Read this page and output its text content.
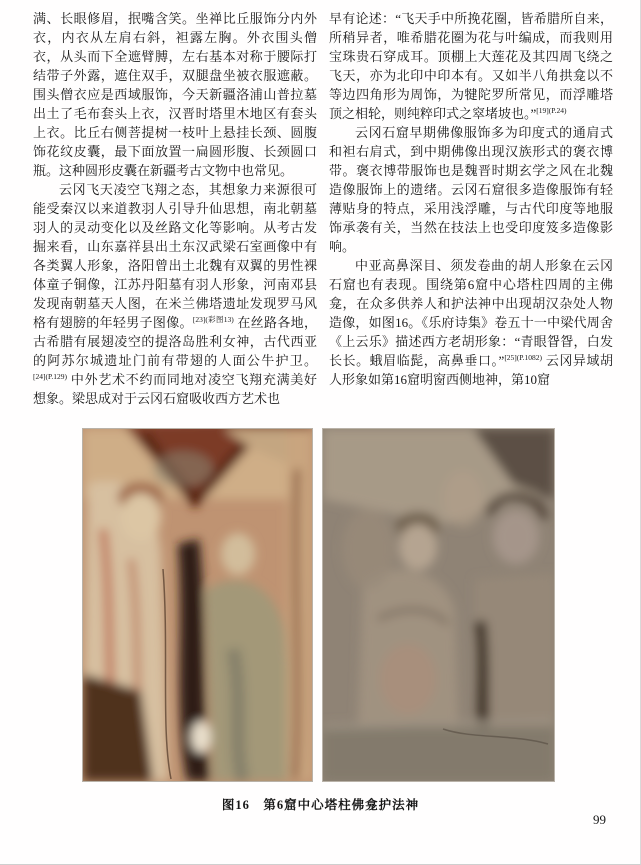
满、长眼修眉，抿嘴含笑。坐禅比丘服饰分内外衣，内衣从左肩右斜，袒露左胸。外衣围头僧衣，从头而下全遮臂膊，左右基本对称于腰际打结带子外露，遮住双手，双腿盘坐被衣服遮蔽。围头僧衣应是西域服饰，今天新疆洛浦山普拉墓出土了毛布套头上衣，汉晋时塔里木地区有套头上衣。比丘右侧菩提树一枝叶上悬挂长颈、圆腹饰花纹皮囊，最下面放置一扁圆形腹、长颈圆口瓶。这种圆形皮囊在新疆考古文物中也常见。

云冈飞天凌空飞翔之态，其想象力来源很可能受秦汉以来道教羽人引导升仙思想，南北朝墓羽人的灵动变化以及丝路文化等影响。从考古发掘来看，山东嘉祥县出土东汉武梁石室画像中有各类翼人形象，洛阳曾出土北魏有双翼的男性裸体童子铜像，江苏丹阳墓有羽人形象，河南邓县发现南朝墓天人图，在米兰佛塔遗址发现罗马风格有翅膀的年轻男子图像。$^{[23](彩图13)}$ 在丝路各地，古希腊有展翅凌空的提洛岛胜利女神，古代西亚的阿苏尔城遗址门前有带翅的人面公牛护卫。$^{[24](P.129)}$ 中外艺术不约而同地对凌空飞翔充满美好想象。梁思成对于云冈石窟吸收西方艺术也

早有论述：“飞天手中所挽花圈，皆希腊所自来，所稍异者，唯希腊花圈为花与叶编成，而我则用宝珠贵石穿成耳。顶棚上大莲花及其四周飞绕之飞天，亦为北印中印本有。又如半八角拱龛以不等边四角形为周饰，为犍陀罗所常见，而浮雕塔顶之相轮，则纯粹印式之窣堵坡也。”$^{[19](P.24)}$

云冈石窟早期佛像服饰多为印度式的通肩式和袒右肩式，到中期佛像出现汉族形式的褒衣博带。褒衣博带服饰也是魏晋时期玄学之风在北魏造像服饰上的遗绪。云冈石窟很多造像服饰有轻薄贴身的特点，采用浅浮雕，与古代印度等地服饰承袭有关，当然在技法上也受印度笈多造像影响。

中亚高鼻深目、须发卷曲的胡人形象在云冈石窟也有表现。围绕第6窟中心塔柱四周的主佛龛，在众多供养人和护法神中出现胡汉杂处人物造像，如图16。《乐府诗集》卷五十一中梁代周舍《上云乐》描述西方老胡形象：“青眼眢眢，白发长长。蛾眉临髭，高鼻垂口。”$^{[25](P.1082)}$ 云冈异域胡人形象如第16窟明窗西侧地神，第10窟

图16　第6窟中心塔柱佛龛护法神
99
